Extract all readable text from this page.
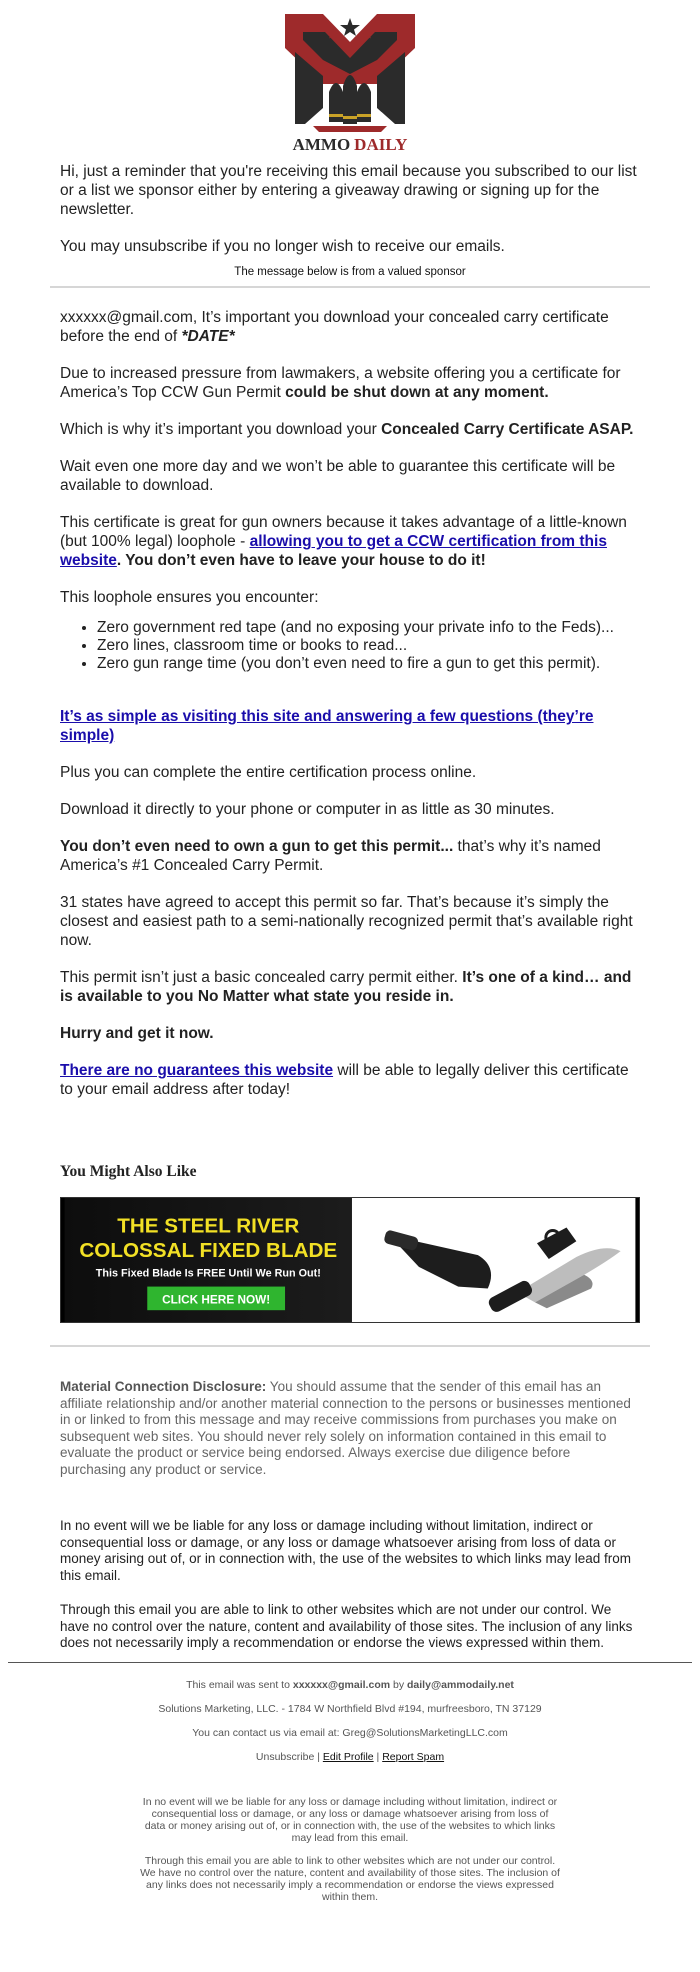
AMMO DAILY

Hi, just a reminder that you're receiving this email because you subscribed to our list or a list we sponsor either by entering a giveaway drawing or signing up for the newsletter.

You may unsubscribe if you no longer wish to receive our emails.

The message below is from a valued sponsor

xxxxxx@gmail.com, It’s important you download your concealed carry certificate before the end of *DATE*

Due to increased pressure from lawmakers, a website offering you a certificate for America’s Top CCW Gun Permit could be shut down at any moment.

Which is why it’s important you download your Concealed Carry Certificate ASAP.

Wait even one more day and we won’t be able to guarantee this certificate will be available to download.

This certificate is great for gun owners because it takes advantage of a little-known (but 100% legal) loophole - allowing you to get a CCW certification from this website. You don’t even have to leave your house to do it!

This loophole ensures you encounter:

• Zero government red tape (and no exposing your private info to the Feds)...
• Zero lines, classroom time or books to read...
• Zero gun range time (you don’t even need to fire a gun to get this permit).

It’s as simple as visiting this site and answering a few questions (they’re simple)

Plus you can complete the entire certification process online.

Download it directly to your phone or computer in as little as 30 minutes.

You don’t even need to own a gun to get this permit... that’s why it’s named America’s #1 Concealed Carry Permit.

31 states have agreed to accept this permit so far. That’s because it’s simply the closest and easiest path to a semi-nationally recognized permit that’s available right now.

This permit isn’t just a basic concealed carry permit either. It’s one of a kind… and is available to you No Matter what state you reside in.

Hurry and get it now.

There are no guarantees this website will be able to legally deliver this certificate to your email address after today!

You Might Also Like
THE STEEL RIVER
COLOSSAL FIXED BLADE
This Fixed Blade Is FREE Until We Run Out!
CLICK HERE NOW!
Material Connection Disclosure: You should assume that the sender of this email has an affiliate relationship and/or another material connection to the persons or businesses mentioned in or linked to from this message and may receive commissions from purchases you make on subsequent web sites. You should never rely solely on information contained in this email to evaluate the product or service being endorsed. Always exercise due diligence before purchasing any product or service.

In no event will we be liable for any loss or damage including without limitation, indirect or consequential loss or damage, or any loss or damage whatsoever arising from loss of data or money arising out of, or in connection with, the use of the websites to which links may lead from this email.

Through this email you are able to link to other websites which are not under our control. We have no control over the nature, content and availability of those sites. The inclusion of any links does not necessarily imply a recommendation or endorse the views expressed within them.

This email was sent to xxxxxx@gmail.com by daily@ammodaily.net

Solutions Marketing, LLC. - 1784 W Northfield Blvd #194, murfreesboro, TN 37129

You can contact us via email at: Greg@SolutionsMarketingLLC.com

Unsubscribe | Edit Profile | Report Spam

In no event will we be liable for any loss or damage including without limitation, indirect or consequential loss or damage, or any loss or damage whatsoever arising from loss of data or money arising out of, or in connection with, the use of the websites to which links may lead from this email.

Through this email you are able to link to other websites which are not under our control. We have no control over the nature, content and availability of those sites. The inclusion of any links does not necessarily imply a recommendation or endorse the views expressed within them.
